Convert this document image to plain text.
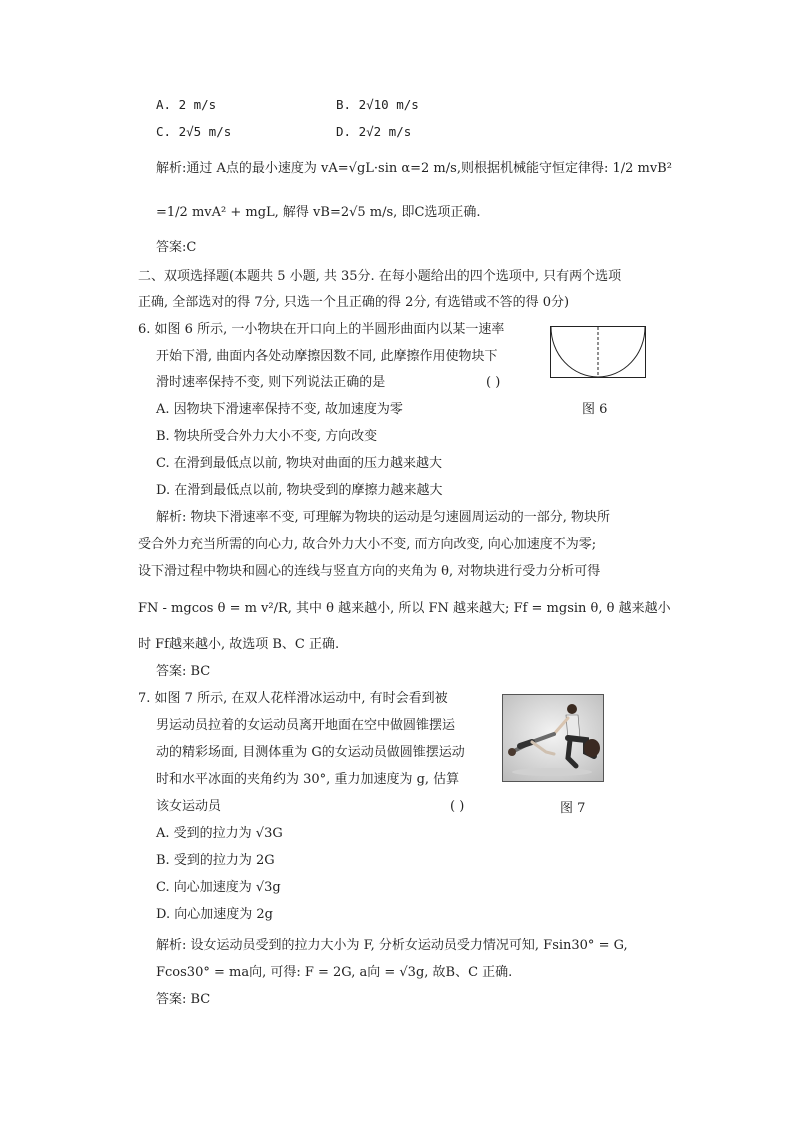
A. 2 m/s	B. 2√10 m/s
C. 2√5 m/s	D. 2√2 m/s
解析:通过 A点的最小速度为 vA=√gL·sin α=2 m/s,则根据机械能守恒定律得: 1/2 mvB²
=1/2 mvA² + mgL, 解得 vB=2√5 m/s, 即C选项正确.
答案:C
二、双项选择题(本题共 5 小题, 共 35分. 在每小题给出的四个选项中, 只有两个选项
正确, 全部选对的得 7分, 只选一个且正确的得 2分, 有选错或不答的得 0分)
6. 如图 6 所示, 一小物块在开口向上的半圆形曲面内以某一速率
开始下滑, 曲面内各处动摩擦因数不同, 此摩擦作用使物块下
滑时速率保持不变, 则下列说法正确的是	( )
A. 因物块下滑速率保持不变, 故加速度为零	图 6
B. 物块所受合外力大小不变, 方向改变
C. 在滑到最低点以前, 物块对曲面的压力越来越大
D. 在滑到最低点以前, 物块受到的摩擦力越来越大
解析: 物块下滑速率不变, 可理解为物块的运动是匀速圆周运动的一部分, 物块所
受合外力充当所需的向心力, 故合外力大小不变, 而方向改变, 向心加速度不为零;
设下滑过程中物块和圆心的连线与竖直方向的夹角为 θ, 对物块进行受力分析可得
FN - mgcos θ = m v²/R, 其中 θ 越来越小, 所以 FN 越来越大; Ff = mgsin θ, θ 越来越小
时 Ff越来越小, 故选项 B、C 正确.
答案: BC
7. 如图 7 所示, 在双人花样滑冰运动中, 有时会看到被
男运动员拉着的女运动员离开地面在空中做圆锥摆运
动的精彩场面, 目测体重为 G的女运动员做圆锥摆运动
时和水平冰面的夹角约为 30°, 重力加速度为 g, 估算
该女运动员	( )	图 7
A. 受到的拉力为 √3G
B. 受到的拉力为 2G
C. 向心加速度为 √3g
D. 向心加速度为 2g
解析: 设女运动员受到的拉力大小为 F, 分析女运动员受力情况可知, Fsin30° = G,
Fcos30° = ma向, 可得: F = 2G, a向 = √3g, 故B、C 正确.
答案: BC
